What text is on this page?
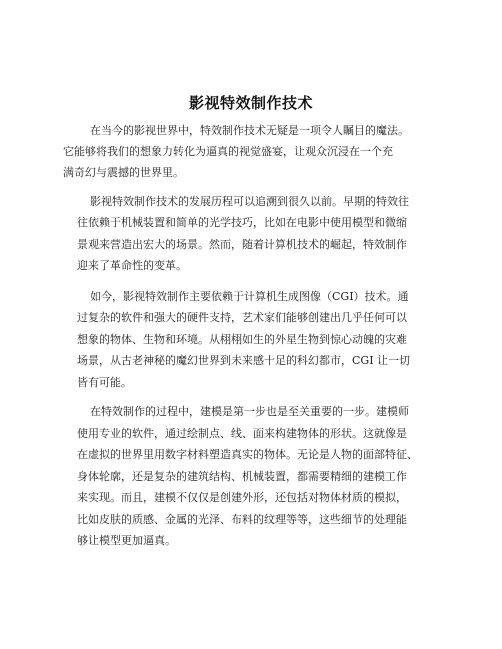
影视特效制作技术
在当今的影视世界中，特效制作技术无疑是一项令人瞩目的魔法。
它能够将我们的想象力转化为逼真的视觉盛宴，让观众沉浸在一个充
满奇幻与震撼的世界里。
影视特效制作技术的发展历程可以追溯到很久以前。早期的特效往
往依赖于机械装置和简单的光学技巧，比如在电影中使用模型和微缩
景观来营造出宏大的场景。然而，随着计算机技术的崛起，特效制作
迎来了革命性的变革。
如今，影视特效制作主要依赖于计算机生成图像（CGI）技术。通
过复杂的软件和强大的硬件支持，艺术家们能够创建出几乎任何可以
想象的物体、生物和环境。从栩栩如生的外星生物到惊心动魄的灾难
场景，从古老神秘的魔幻世界到未来感十足的科幻都市，CGI 让一切
皆有可能。
在特效制作的过程中，建模是第一步也是至关重要的一步。建模师
使用专业的软件，通过绘制点、线、面来构建物体的形状。这就像是
在虚拟的世界里用数字材料塑造真实的物体。无论是人物的面部特征、
身体轮廓，还是复杂的建筑结构、机械装置，都需要精细的建模工作
来实现。而且，建模不仅仅是创建外形，还包括对物体材质的模拟，
比如皮肤的质感、金属的光泽、布料的纹理等等，这些细节的处理能
够让模型更加逼真。
